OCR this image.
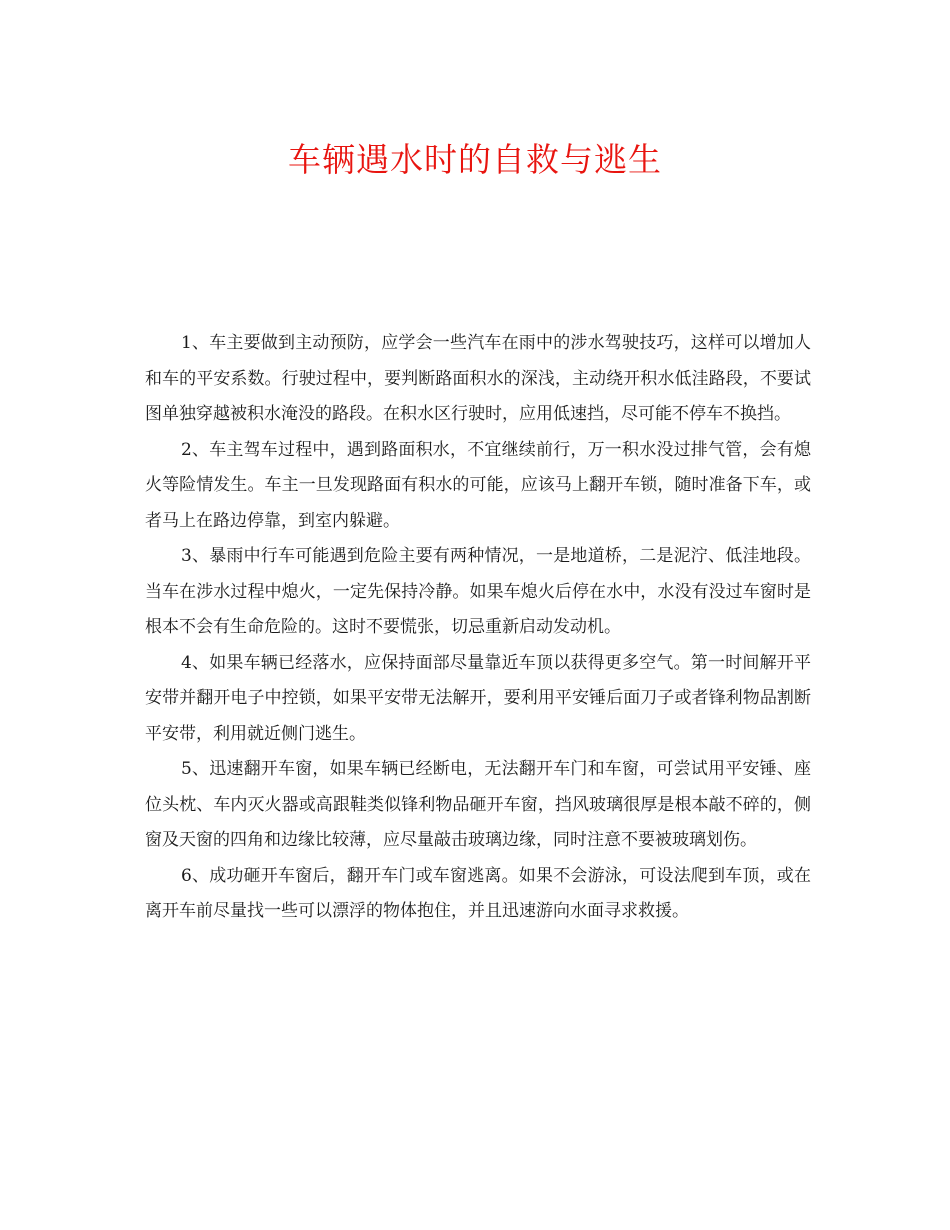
车辆遇水时的自救与逃生

1、车主要做到主动预防，应学会一些汽车在雨中的涉水驾驶技巧，这样可以增加人和车的平安系数。行驶过程中，要判断路面积水的深浅，主动绕开积水低洼路段，不要试图单独穿越被积水淹没的路段。在积水区行驶时，应用低速挡，尽可能不停车不换挡。

2、车主驾车过程中，遇到路面积水，不宜继续前行，万一积水没过排气管，会有熄火等险情发生。车主一旦发现路面有积水的可能，应该马上翻开车锁，随时准备下车，或者马上在路边停靠，到室内躲避。

3、暴雨中行车可能遇到危险主要有两种情况，一是地道桥，二是泥泞、低洼地段。当车在涉水过程中熄火，一定先保持冷静。如果车熄火后停在水中，水没有没过车窗时是根本不会有生命危险的。这时不要慌张，切忌重新启动发动机。

4、如果车辆已经落水，应保持面部尽量靠近车顶以获得更多空气。第一时间解开平安带并翻开电子中控锁，如果平安带无法解开，要利用平安锤后面刀子或者锋利物品割断平安带，利用就近侧门逃生。

5、迅速翻开车窗，如果车辆已经断电，无法翻开车门和车窗，可尝试用平安锤、座位头枕、车内灭火器或高跟鞋类似锋利物品砸开车窗，挡风玻璃很厚是根本敲不碎的，侧窗及天窗的四角和边缘比较薄，应尽量敲击玻璃边缘，同时注意不要被玻璃划伤。

6、成功砸开车窗后，翻开车门或车窗逃离。如果不会游泳，可设法爬到车顶，或在离开车前尽量找一些可以漂浮的物体抱住，并且迅速游向水面寻求救援。
